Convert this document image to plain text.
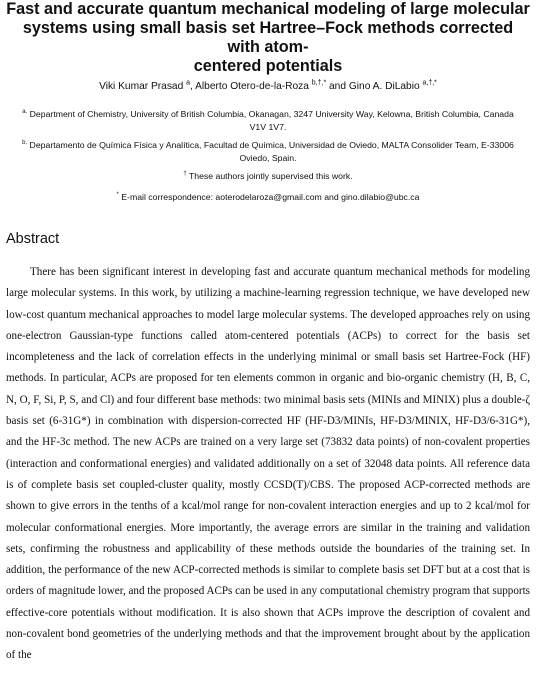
Fast and accurate quantum mechanical modeling of large molecular
systems using small basis set Hartree–Fock methods corrected with atom-
centered potentials
Viki Kumar Prasad $^a$, Alberto Otero-de-la-Roza $^{b,\dagger,*}$ and Gino A. DiLabio $^{a,\dagger,*}$

$^{a.}$ Department of Chemistry, University of British Columbia, Okanagan, 3247 University Way, Kelowna, British Columbia, Canada V1V 1V7.

$^{b.}$ Departamento de Química Física y Analítica, Facultad de Química, Universidad de Oviedo, MALTA Consolider Team, E-33006 Oviedo, Spain.

† These authors jointly supervised this work.

* E-mail correspondence: aoterodelaroza@gmail.com and gino.dilabio@ubc.ca

Abstract

There has been significant interest in developing fast and accurate quantum mechanical methods for modeling large molecular systems. In this work, by utilizing a machine-learning regression technique, we have developed new low-cost quantum mechanical approaches to model large molecular systems. The developed approaches rely on using one-electron Gaussian-type functions called atom-centered potentials (ACPs) to correct for the basis set incompleteness and the lack of correlation effects in the underlying minimal or small basis set Hartree-Fock (HF) methods. In particular, ACPs are proposed for ten elements common in organic and bio-organic chemistry (H, B, C, N, O, F, Si, P, S, and Cl) and four different base methods: two minimal basis sets (MINIs and MINIX) plus a double-ζ basis set (6-31G*) in combination with dispersion-corrected HF (HF-D3/MINIs, HF-D3/MINIX, HF-D3/6-31G*), and the HF-3c method. The new ACPs are trained on a very large set (73832 data points) of non-covalent properties (interaction and conformational energies) and validated additionally on a set of 32048 data points. All reference data is of complete basis set coupled-cluster quality, mostly CCSD(T)/CBS. The proposed ACP-corrected methods are shown to give errors in the tenths of a kcal/mol range for non-covalent interaction energies and up to 2 kcal/mol for molecular conformational energies. More importantly, the average errors are similar in the training and validation sets, confirming the robustness and applicability of these methods outside the boundaries of the training set. In addition, the performance of the new ACP-corrected methods is similar to complete basis set DFT but at a cost that is orders of magnitude lower, and the proposed ACPs can be used in any computational chemistry program that supports effective-core potentials without modification. It is also shown that ACPs improve the description of covalent and non-covalent bond geometries of the underlying methods and that the improvement brought about by the application of the
